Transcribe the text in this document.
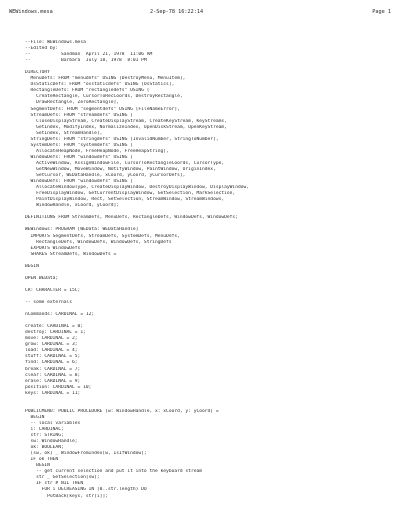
WEWindows.mesa	2-Sep-78 16:22:14	Page 1
--File: WEWindows.mesa
--Edited by:
--           Sandman  April 21, 1978  11:06 AM
--           Barbara  July 18, 1978  8:01 PM
DIRECTORY
MenuDefs: FROM "menudefs" USING [DestroyMenu, MenuItem],
OsStaticDefs: FROM "osstaticdefs" USING [OsStatics],
RectangleDefs: FROM "rectangledefs" USING [
CreateRectangle, CursorToRecCoords, DestroyRectangle,
DrawRectangle, ZeroRectangle],
SegmentDefs: FROM "segmentdefs" USING [FileNameError],
StreamDefs: FROM "streamdefs" USING [
CloseDisplayStream, CreateDisplayStream, CreateKeyStream, KeyStreams,
GetIndex, ModifyIndex, NormalizeIndex, OpenDiskStream, OpenKeyStream,
SetIndex, StreamHandle],
StringDefs: FROM "stringdefs" USING [InvalidNumber, StringToNumber],
SystemDefs: FROM "systemdefs" USING [
AllocateHeapNode, FreeHeapNode, FreeHeapString],
WindowDefs: FROM "windowdefs" USING [
ActiveWindow, AssignWindowFile, CursorToRectangleCoords, CursorType,
GetNewWindow, MoveWindow, NotifyWindow, PaintWindow, OriginIndex,
SetCursor, WEDataHandle, xCoord, yCoord, yCursorDefs],
WindowDefs: FROM "windowdefs" USING [
AllocateWindowType, CreateDisplayWindow, DestroyDisplayWindow, DisplayWindow,
FreeDisplayWindow, GetCurrentDisplayWindow, GetSelection, MarkSelection,
PaintDisplayWindow, Rect, SetSelection, StreamWindow, StreamWindows,
WindowHandle, xCoord, yCoord];
DEFINITIONS FROM StreamDefs, MenuDefs, RectangleDefs, WindowDefs, WindowDefs;
WEWindows: PROGRAM [WEData: WEDataHandle]
IMPORTS SegmentDefs, StreamDefs, SystemDefs, MenuDefs,
RectangleDefs, WindowDefs, WindowDefs, StringDefs
EXPORTS WindowDefs
SHARES StreamDefs, WindowDefs =
BEGIN
OPEN WEData;
CR: CHARACTER = 15C;
-- some externals
nCommands: CARDINAL = 12;
create: CARDINAL = 0;
destroy: CARDINAL = 1;
move: CARDINAL = 2;
grow: CARDINAL = 3;
load: CARDINAL = 4;
stuff: CARDINAL = 5;
find: CARDINAL = 6;
break: CARDINAL = 7;
clear: CARDINAL = 8;
erase: CARDINAL = 9;
position: CARDINAL = 10;
keys: CARDINAL = 11;
PUBLICMENU: PUBLIC PROCEDURE [w: WindowHandle, x: xCoord, y: yCoord] =
BEGIN
-- local variables
i: CARDINAL;
str: STRING;
sw: WindowHandle;
ok: BOOLEAN;
[sw, ok] _ WindowFromIndex[w, IsIfWindow];
IF ok THEN
BEGIN
-- get current selection and put it into the keyboard stream
str _ GetSelection[sw];
IF str # NIL THEN
FOR i DECREASING IN [0..str.length) DO
PutBack[keys, str[i]];
